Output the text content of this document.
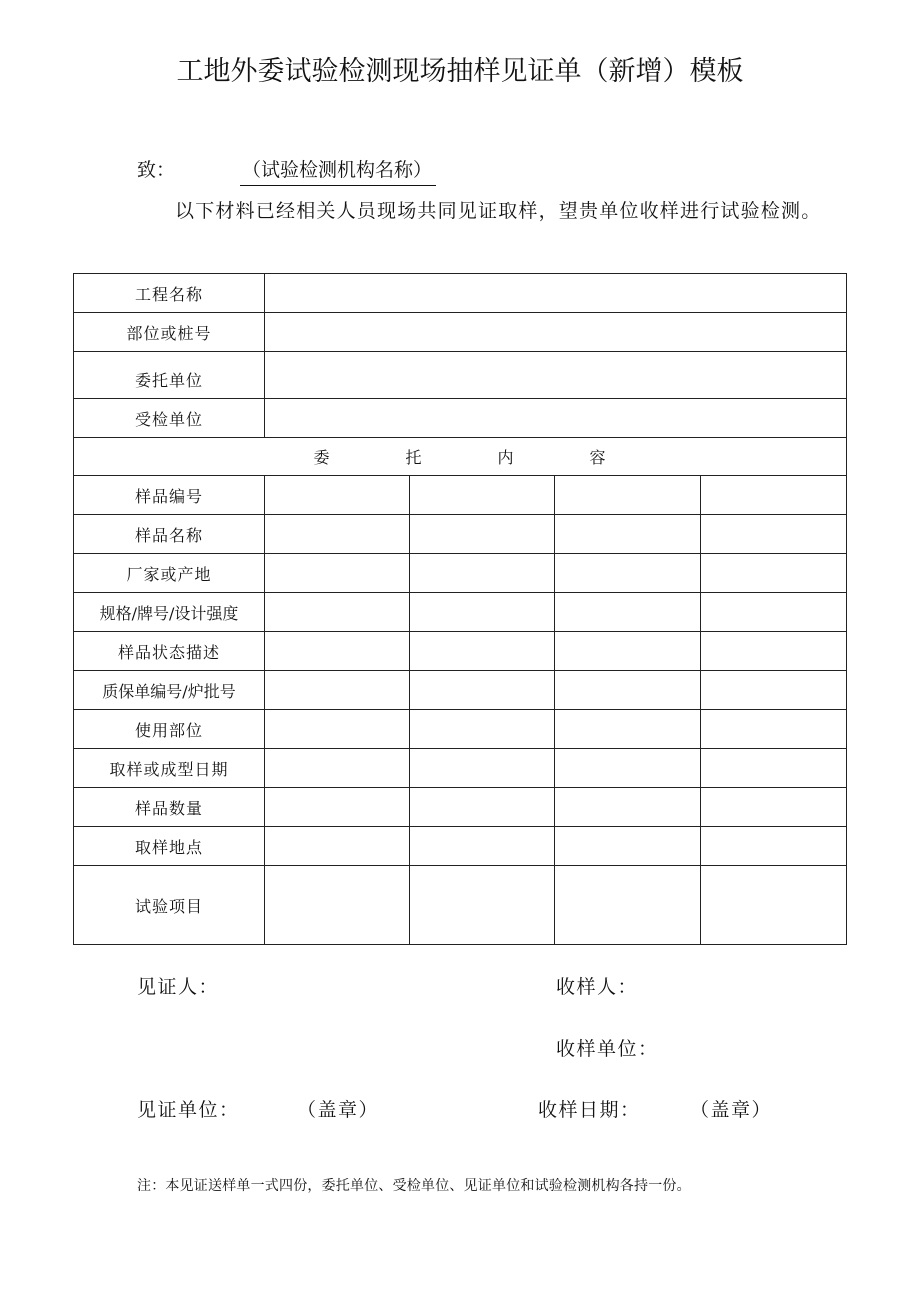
工地外委试验检测现场抽样见证单（新增）模板
致：	（试验检测机构名称）
以下材料已经相关人员现场共同见证取样，望贵单位收样进行试验检测。
工程名称				
部位或桩号				
委托单位				
受检单位				
委 托 内 容				
样品编号				
样品名称				
厂家或产地				
规格/牌号/设计强度				
样品状态描述				
质保单编号/炉批号				
使用部位				
取样或成型日期				
样品数量				
取样地点				
试验项目				
见证人：	收样人：
收样单位：
见证单位：	（盖章）	收样日期：	（盖章）
注：本见证送样单一式四份，委托单位、受检单位、见证单位和试验检测机构各持一份。
